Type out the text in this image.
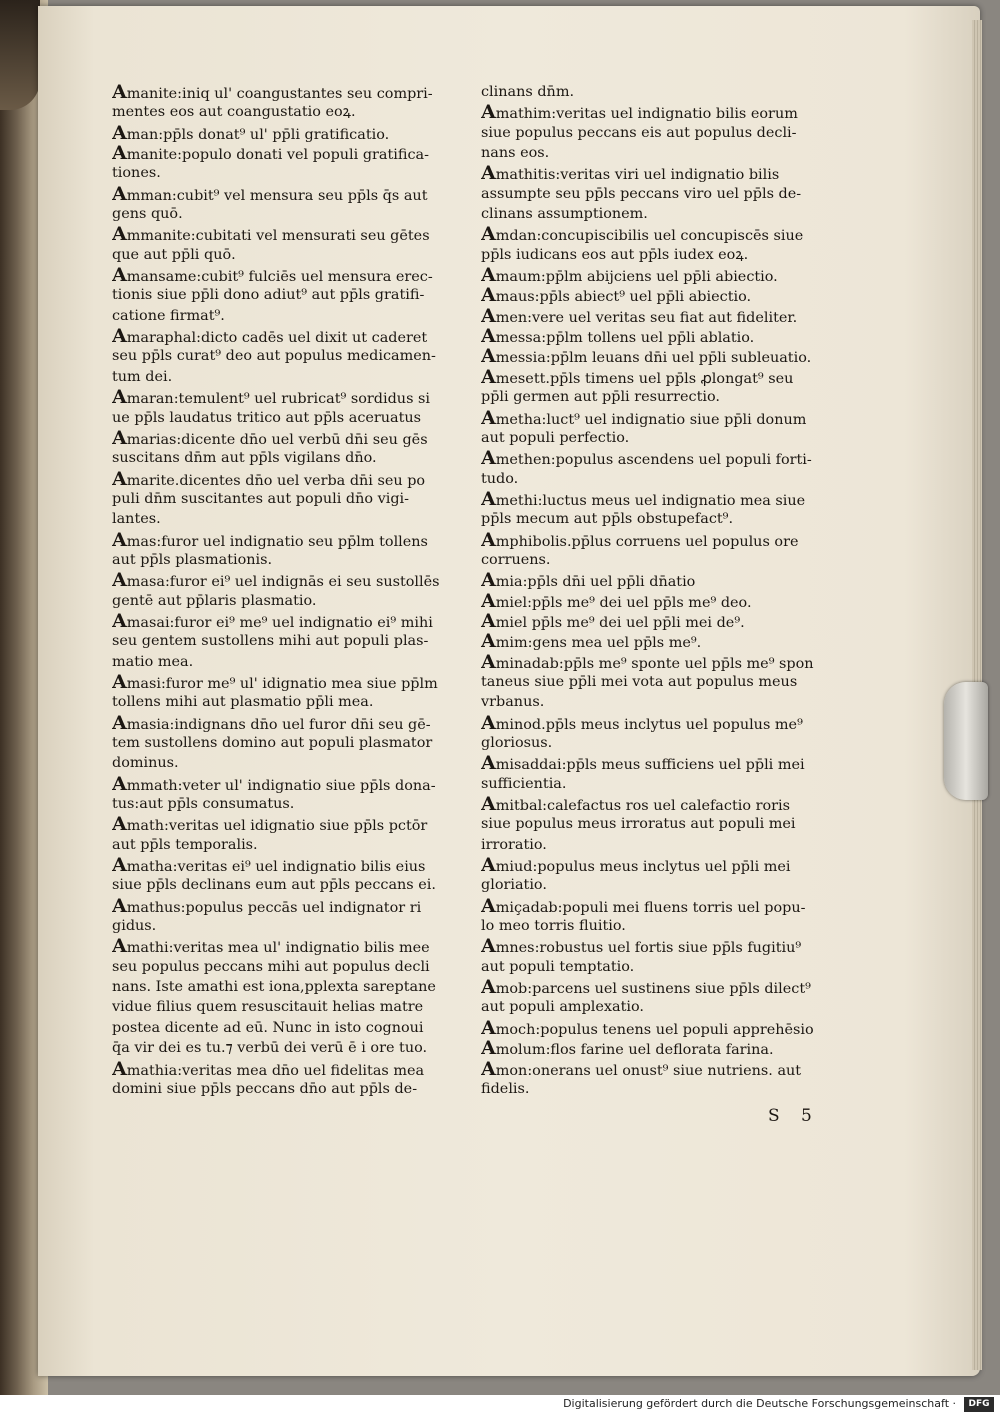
Amanite:iniq ul' coangustantes seu compri-
mentes eos aut coangustatio eoꝝ.
Aman:pp̄ls donat⁹ ul' pp̄li gratificatio.
Amanite:populo donati vel populi gratifica-
tiones.
Amman:cubit⁹ vel mensura seu pp̄ls q̄s aut
gens quō.
Ammanite:cubitati vel mensurati seu gētes
que aut pp̄li quō.
Amansame:cubit⁹ fulciēs uel mensura erec-
tionis siue pp̄li dono adiut⁹ aut pp̄ls gratifi-
catione firmat⁹.
Amaraphal:dicto cadēs uel dixit ut caderet
seu pp̄ls curat⁹ deo aut populus medicamen-
tum dei.
Amaran:temulent⁹ uel rubricat⁹ sordidus si
ue pp̄ls laudatus tritico aut pp̄ls aceruatus
Amarias:dicente dn̄o uel verbū dn̄i seu gēs
suscitans dn̄m aut pp̄ls vigilans dn̄o.
Amarite.dicentes dn̄o uel verba dn̄i seu po
puli dn̄m suscitantes aut populi dn̄o vigi-
lantes.
Amas:furor uel indignatio seu pp̄lm tollens
aut pp̄ls plasmationis.
Amasa:furor ei⁹ uel indignās ei seu sustollēs
gentē aut pp̄laris plasmatio.
Amasai:furor ei⁹ me⁹ uel indignatio ei⁹ mihi
seu gentem sustollens mihi aut populi plas-
matio mea.
Amasi:furor me⁹ ul' idignatio mea siue pp̄lm
tollens mihi aut plasmatio pp̄li mea.
Amasia:indignans dn̄o uel furor dn̄i seu gē-
tem sustollens domino aut populi plasmator
dominus.
Ammath:veter ul' indignatio siue pp̄ls dona-
tus:aut pp̄ls consumatus.
Amath:veritas uel idignatio siue pp̄ls pctōr
aut pp̄ls temporalis.
Amatha:veritas ei⁹ uel indignatio bilis eius
siue pp̄ls declinans eum aut pp̄ls peccans ei.
Amathus:populus peccās uel indignator ri
gidus.
Amathi:veritas mea ul' indignatio bilis mee
seu populus peccans mihi aut populus decli
nans. Iste amathi est iona,pplexta sareptane
vidue filius quem resuscitauit helias matre
postea dicente ad eū. Nunc in isto cognoui
q̄a vir dei es tu.⁊ verbū dei verū ē i ore tuo.
Amathia:veritas mea dn̄o uel fidelitas mea
domini siue pp̄ls peccans dn̄o aut pp̄ls de-
clinans dn̄m.
Amathim:veritas uel indignatio bilis eorum
siue populus peccans eis aut populus decli-
nans eos.
Amathitis:veritas viri uel indignatio bilis
assumpte seu pp̄ls peccans viro uel pp̄ls de-
clinans assumptionem.
Amdan:concupiscibilis uel concupiscēs siue
pp̄ls iudicans eos aut pp̄ls iudex eoꝝ.
Amaum:pp̄lm abijciens uel pp̄li abiectio.
Amaus:pp̄ls abiect⁹ uel pp̄li abiectio.
Amen:vere uel veritas seu fiat aut fideliter.
Amessa:pp̄lm tollens uel pp̄li ablatio.
Amessia:pp̄lm leuans dn̄i uel pp̄li subleuatio.
Amesett.pp̄ls timens uel pp̄ls ꝓlongat⁹ seu
pp̄li germen aut pp̄li resurrectio.
Ametha:luct⁹ uel indignatio siue pp̄li donum
aut populi perfectio.
Amethen:populus ascendens uel populi forti-
tudo.
Amethi:luctus meus uel indignatio mea siue
pp̄ls mecum aut pp̄ls obstupefact⁹.
Amphibolis.pp̄lus corruens uel populus ore
corruens.
Amia:pp̄ls dn̄i uel pp̄li dn̄atio
Amiel:pp̄ls me⁹ dei uel pp̄ls me⁹ deo.
Amiel pp̄ls me⁹ dei uel pp̄li mei de⁹.
Amim:gens mea uel pp̄ls me⁹.
Aminadab:pp̄ls me⁹ sponte uel pp̄ls me⁹ spon
taneus siue pp̄li mei vota aut populus meus
vrbanus.
Aminod.pp̄ls meus inclytus uel populus me⁹
gloriosus.
Amisaddai:pp̄ls meus sufficiens uel pp̄li mei
sufficientia.
Amitbal:calefactus ros uel calefactio roris
siue populus meus irroratus aut populi mei
irroratio.
Amiud:populus meus inclytus uel pp̄li mei
gloriatio.
Amiçadab:populi mei fluens torris uel popu-
lo meo torris fluitio.
Amnes:robustus uel fortis siue pp̄ls fugitiu⁹
aut populi temptatio.
Amob:parcens uel sustinens siue pp̄ls dilect⁹
aut populi amplexatio.
Amoch:populus tenens uel populi apprehēsio
Amolum:flos farine uel deflorata farina.
Amon:onerans uel onust⁹ siue nutriens. aut
fidelis.
S 5
Digitalisierung gefördert durch die Deutsche Forschungsgemeinschaft ·	DFG
